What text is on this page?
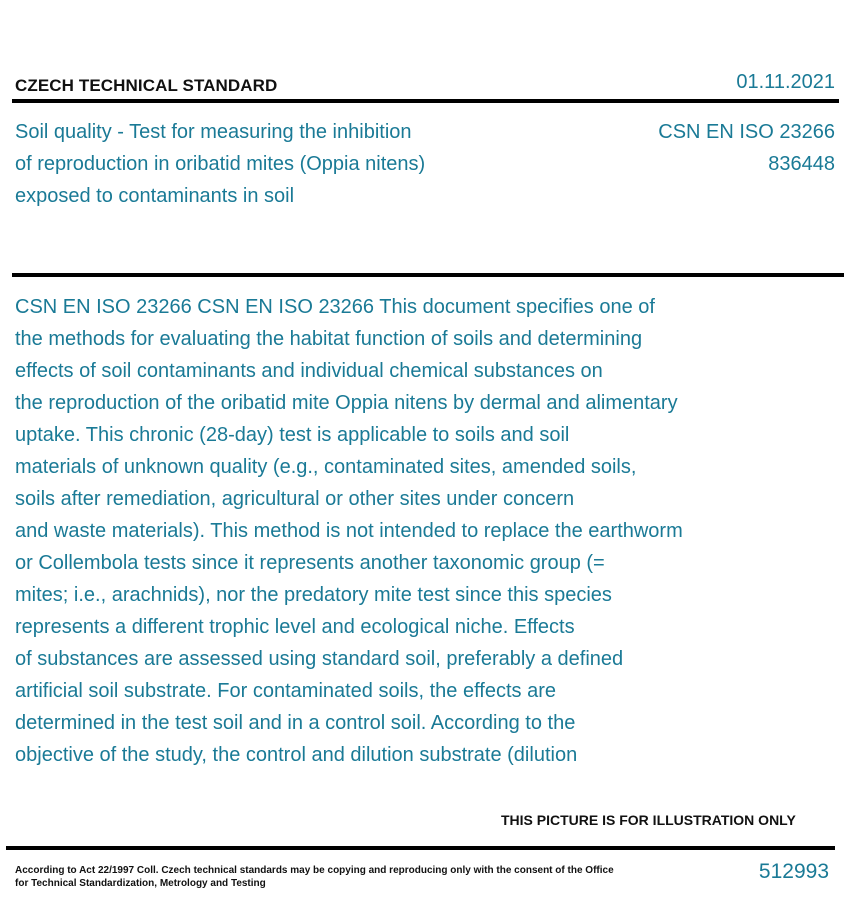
CZECH TECHNICAL STANDARD	01.11.2021
Soil quality - Test for measuring the inhibition
of reproduction in oribatid mites (Oppia nitens)
exposed to contaminants in soil
CSN EN ISO 23266
836448
CSN EN ISO 23266 CSN EN ISO 23266 This document specifies one of
the methods for evaluating the habitat function of soils and determining
effects of soil contaminants and individual chemical substances on
the reproduction of the oribatid mite Oppia nitens by dermal and alimentary
uptake. This chronic (28-day) test is applicable to soils and soil
materials of unknown quality (e.g., contaminated sites, amended soils,
soils after remediation, agricultural or other sites under concern
and waste materials). This method is not intended to replace the earthworm
or Collembola tests since it represents another taxonomic group (=
mites; i.e., arachnids), nor the predatory mite test since this species
represents a different trophic level and ecological niche. Effects
of substances are assessed using standard soil, preferably a defined
artificial soil substrate. For contaminated soils, the effects are
determined in the test soil and in a control soil. According to the
objective of the study, the control and dilution substrate (dilution
THIS PICTURE IS FOR ILLUSTRATION ONLY
According to Act 22/1997 Coll. Czech technical standards may be copying and reproducing only with the consent of the Office
for Technical Standardization, Metrology and Testing
512993
